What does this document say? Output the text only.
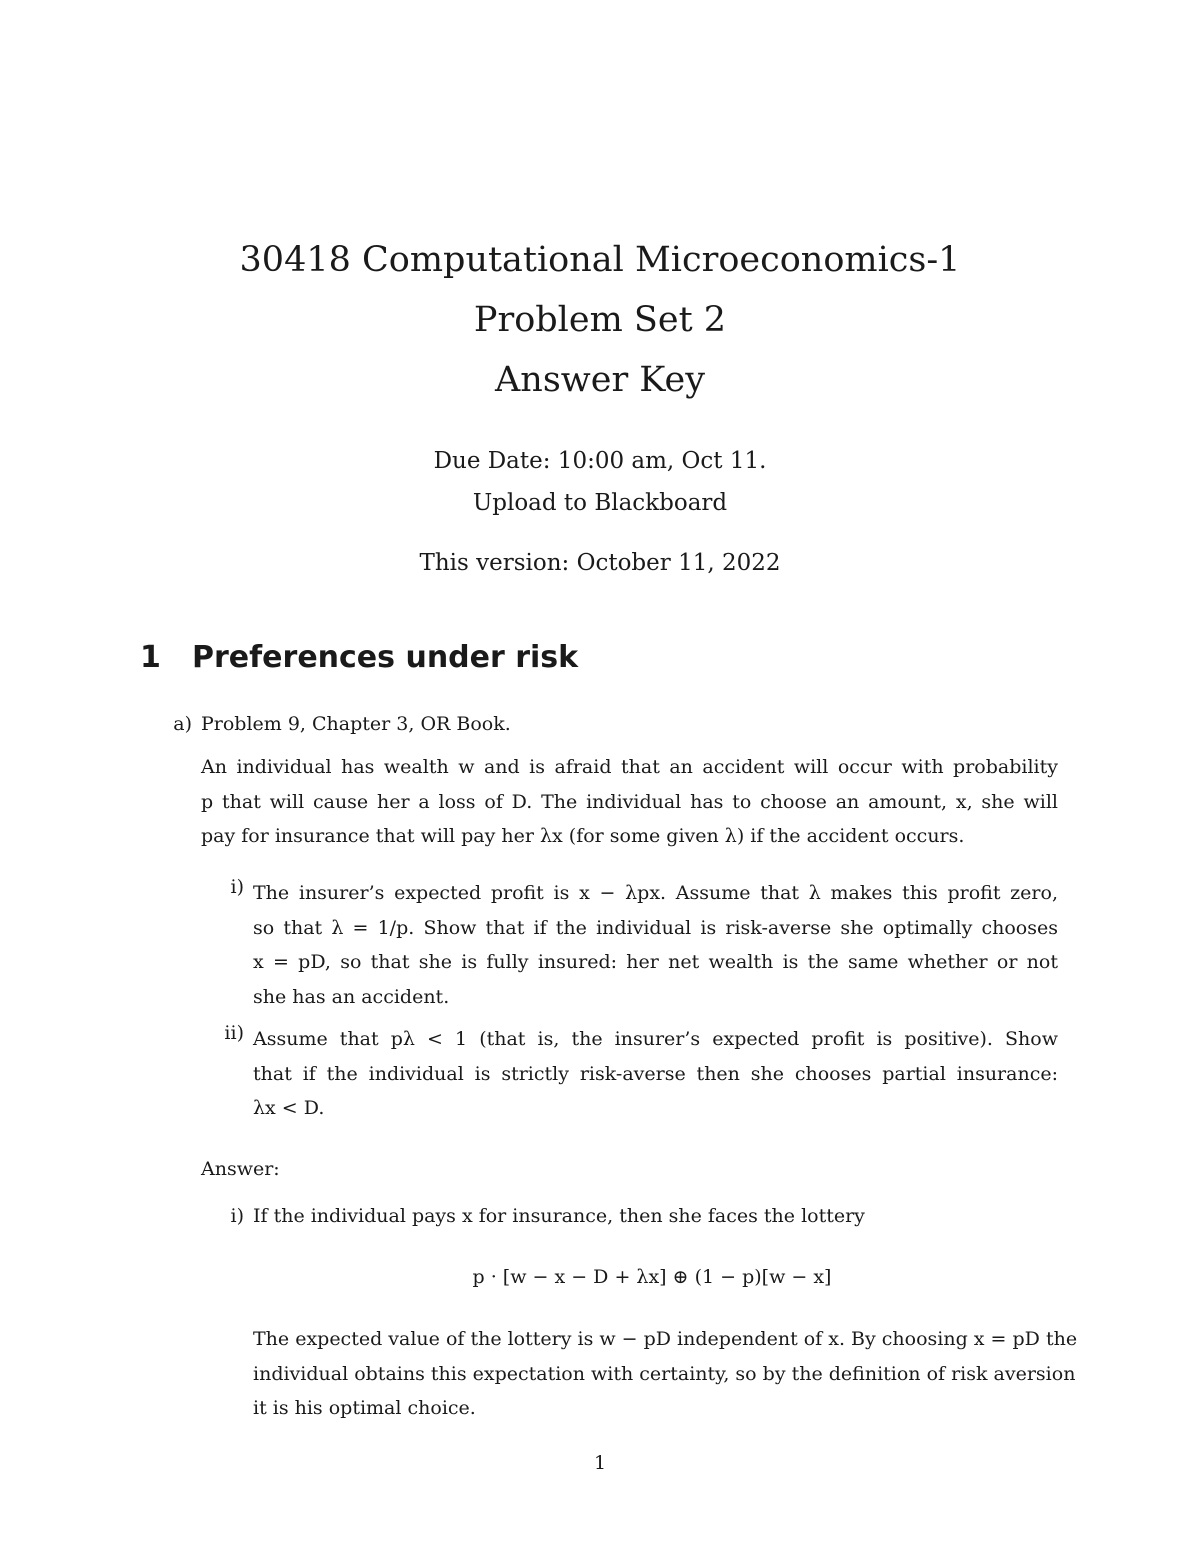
30418 Computational Microeconomics-1
Problem Set 2
Answer Key
Due Date: 10:00 am, Oct 11.
Upload to Blackboard
This version: October 11, 2022
1 Preferences under risk
a) Problem 9, Chapter 3, OR Book.
An individual has wealth w and is afraid that an accident will occur with probability
p that will cause her a loss of D. The individual has to choose an amount, x, she will
pay for insurance that will pay her λx (for some given λ) if the accident occurs.
i) The insurer’s expected profit is x − λpx. Assume that λ makes this profit zero,
so that λ = 1/p. Show that if the individual is risk-averse she optimally chooses
x = pD, so that she is fully insured: her net wealth is the same whether or not
she has an accident.
ii) Assume that pλ < 1 (that is, the insurer’s expected profit is positive). Show
that if the individual is strictly risk-averse then she chooses partial insurance:
λx < D.
Answer:
i) If the individual pays x for insurance, then she faces the lottery
p · [w − x − D + λx] ⊕ (1 − p)[w − x]
The expected value of the lottery is w − pD independent of x. By choosing x = pD the
individual obtains this expectation with certainty, so by the definition of risk aversion
it is his optimal choice.
1
